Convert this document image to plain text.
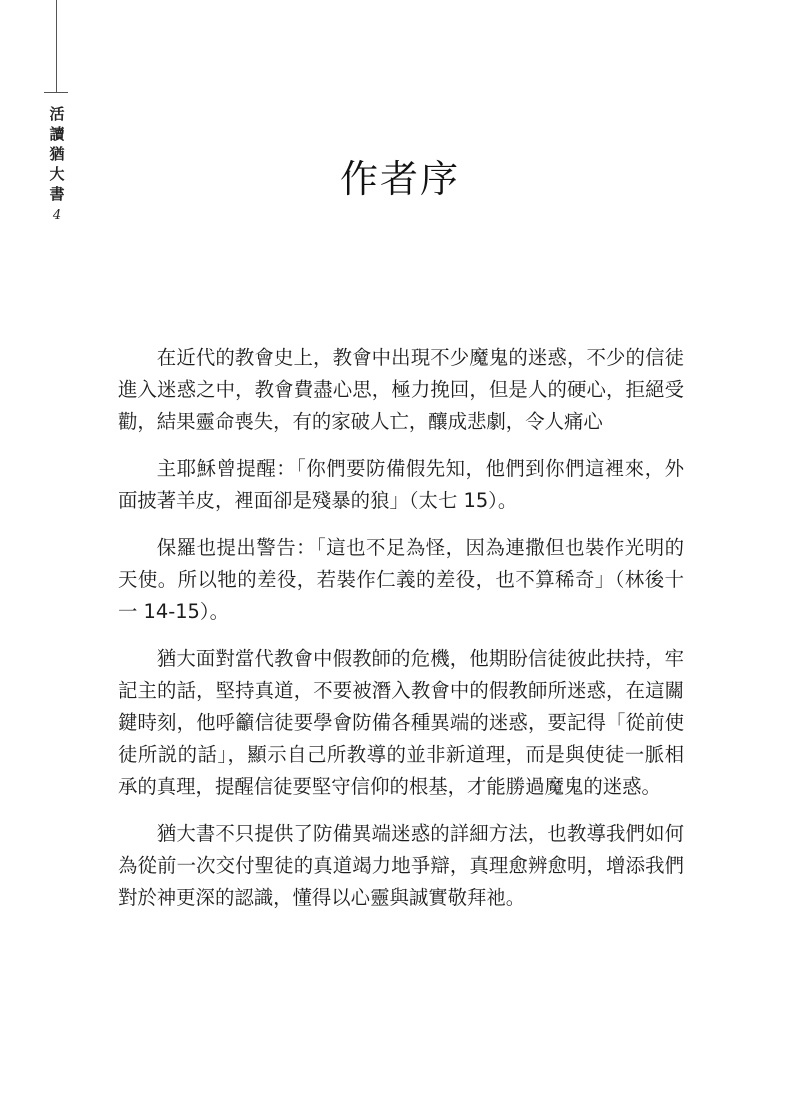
活
讀
猶
大
書
4
作者序

在近代的教會史上，教會中出現不少魔鬼的迷惑，不少的信徒進入迷惑之中，教會費盡心思，極力挽回，但是人的硬心，拒絕受勸，結果靈命喪失，有的家破人亡，釀成悲劇，令人痛心

主耶穌曾提醒：「你們要防備假先知，他們到你們這裡來，外面披著羊皮，裡面卻是殘暴的狼」（太七 15）。

保羅也提出警告：「這也不足為怪，因為連撒但也裝作光明的天使。所以牠的差役，若裝作仁義的差役，也不算稀奇」（林後十一 14-15）。

猶大面對當代教會中假教師的危機，他期盼信徒彼此扶持，牢記主的話，堅持真道，不要被潛入教會中的假教師所迷惑，在這關鍵時刻，他呼籲信徒要學會防備各種異端的迷惑，要記得「從前使徒所説的話」，顯示自己所教導的並非新道理，而是與使徒一脈相承的真理，提醒信徒要堅守信仰的根基，才能勝過魔鬼的迷惑。

猶大書不只提供了防備異端迷惑的詳細方法，也教導我們如何為從前一次交付聖徒的真道竭力地爭辯，真理愈辨愈明，增添我們對於神更深的認識，懂得以心靈與誠實敬拜祂。
